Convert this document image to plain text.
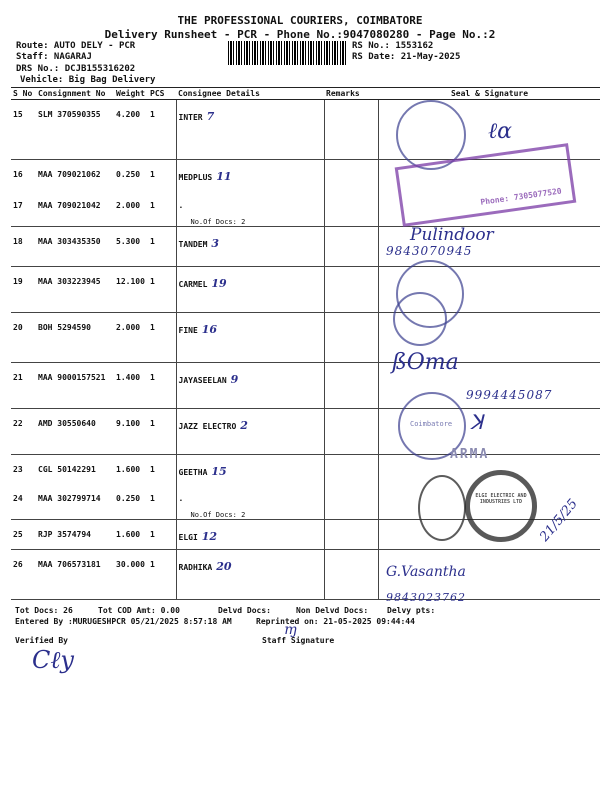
THE PROFESSIONAL COURIERS, COIMBATORE
Delivery Runsheet - PCR - Phone No.:9047080280 - Page No.:2
Route: AUTO DELY - PCR
Staff: NAGARAJ
DRS No.: DCJB155316202
Vehicle: Big Bag Delivery
RS No.: 1553162
RS Date: 21-May-2025
S No	Consignment No	Weight	PCS	Consignee Details	Remarks	Seal & Signature
15	SLM 370590355	4.200	1	INTER 7		
16	MAA 709021062	0.250	1	MEDPLUS 11		
17	MAA 709021042	2.000	1	.
No.Of Docs: 2		

18	MAA 303435350	5.300	1	TANDEM 3		
19	MAA 303223945	12.100	1	CARMEL 19		
20	BOH 5294590	2.000	1	FINE 16		
21	MAA 9000157521	1.400	1	JAYASEELAN 9		
22	AMD 30550640	9.100	1	JAZZ ELECTRO 2		
23	CGL 50142291	1.600	1	GEETHA 15		
24	MAA 302799714	0.250	1	.
No.Of Docs: 2		

25	RJP 3574794	1.600	1	ELGI 12		
26	MAA 706573181	30.000	1	RADHIKA 20		
ℓα
Phone: 7305077520
Pulindoor
9843070945
ßOma
9994445087
Coimbatore ꓘ
ARMA
ELGI ELECTRIC AND INDUSTRIES LTD	21/5/25
G.Vasantha
9843023762
Tot Docs: 26	Tot COD Amt: 0.00	Delvd Docs:	Non Delvd Docs: Delvy pts:
Entered By :MURUGESHPCR 05/21/2025 8:57:18 AM	Reprinted on: 21-05-2025 09:44:44
Verified By	Staff Signature
Cℓy
ɱ
